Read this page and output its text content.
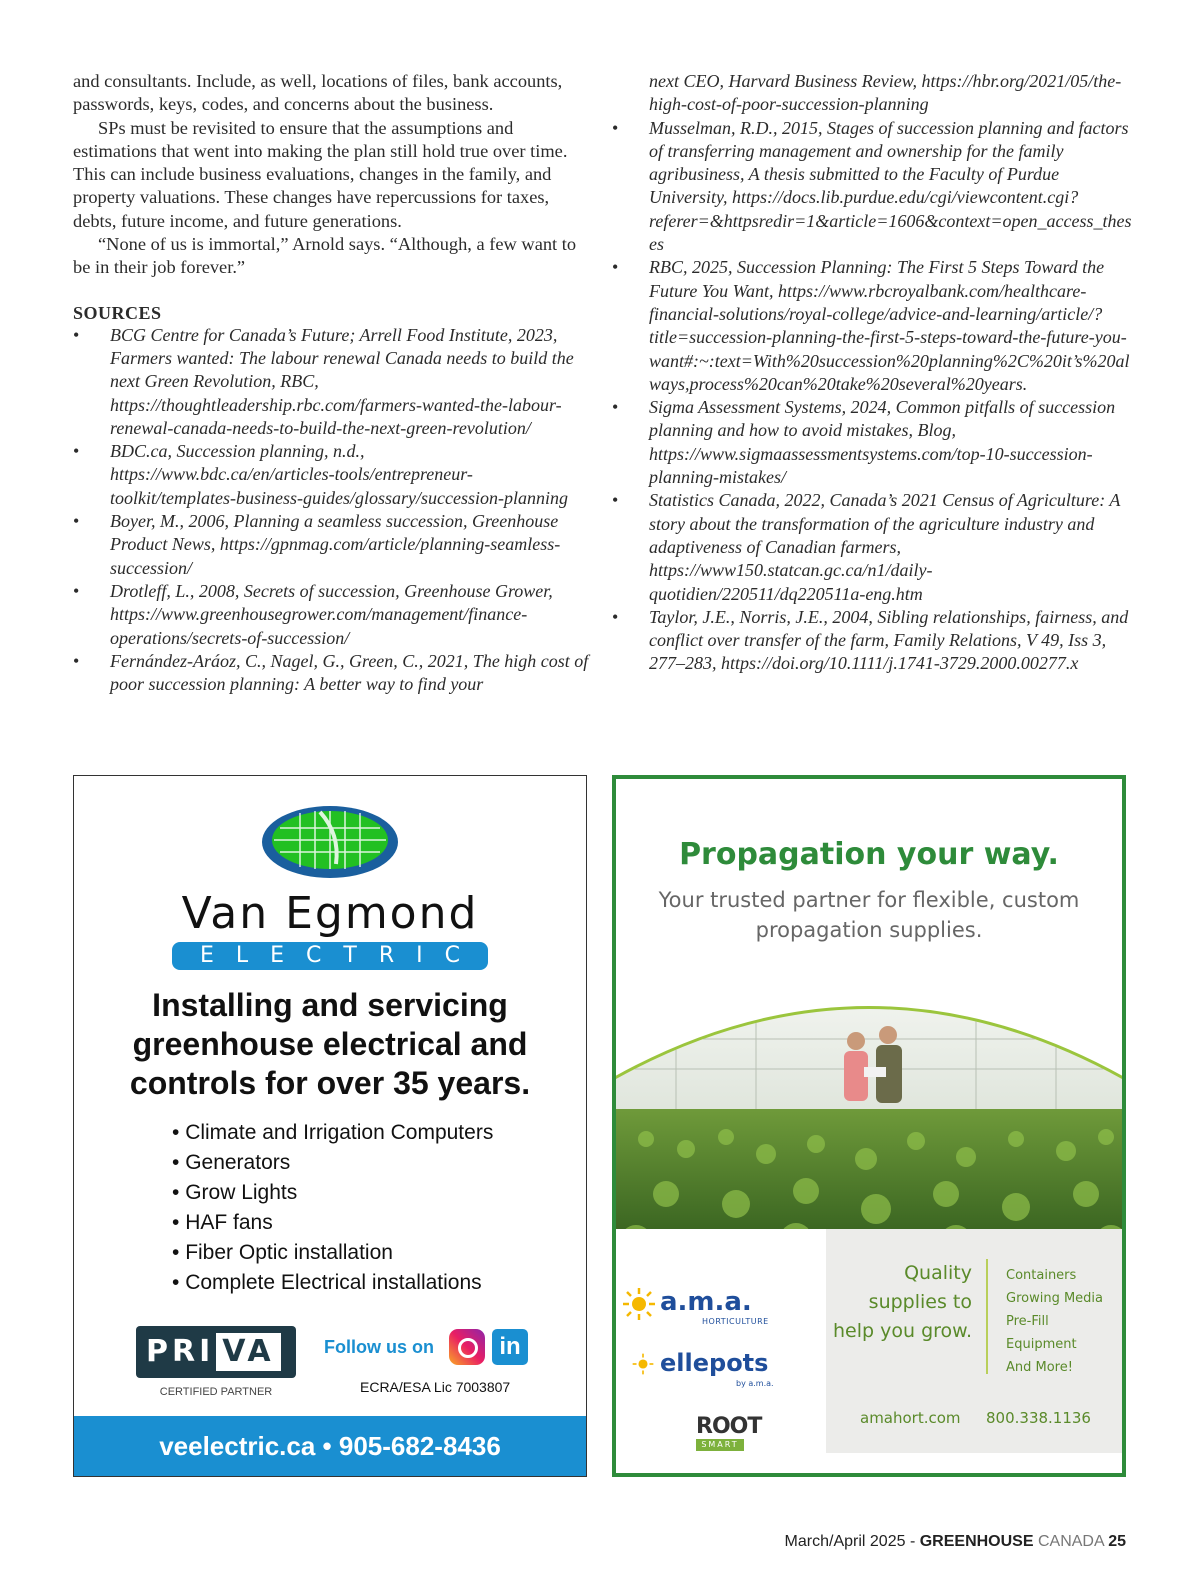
and consultants. Include, as well, locations of files, bank accounts, passwords, keys, codes, and concerns about the business.

SPs must be revisited to ensure that the assumptions and estimations that went into making the plan still hold true over time. This can include business evaluations, changes in the family, and property valuations. These changes have repercussions for taxes, debts, future income, and future generations.

“None of us is immortal,” Arnold says. “Although, a few want to be in their job forever.”

SOURCES
• BCG Centre for Canada’s Future; Arrell Food Institute, 2023, Farmers wanted: The labour renewal Canada needs to build the next Green Revolution, RBC, https://thoughtleadership.rbc.com/farmers-wanted-the-labour-renewal-canada-needs-to-build-the-next-green-revolution/
• BDC.ca, Succession planning, n.d., https://www.bdc.ca/en/articles-tools/entrepreneur-toolkit/templates-business-guides/glossary/succession-planning
• Boyer, M., 2006, Planning a seamless succession, Greenhouse Product News, https://gpnmag.com/article/planning-seamless-succession/
• Drotleff, L., 2008, Secrets of succession, Greenhouse Grower, https://www.greenhousegrower.com/management/finance-operations/secrets-of-succession/
• Fernández-Aráoz, C., Nagel, G., Green, C., 2021, The high cost of poor succession planning: A better way to find your
next CEO, Harvard Business Review, https://hbr.org/2021/05/the-high-cost-of-poor-succession-planning
• Musselman, R.D., 2015, Stages of succession planning and factors of transferring management and ownership for the family agribusiness, A thesis submitted to the Faculty of Purdue University, https://docs.lib.purdue.edu/cgi/viewcontent.cgi?referer=&httpsredir=1&article=1606&context=open_access_theses
• RBC, 2025, Succession Planning: The First 5 Steps Toward the Future You Want, https://www.rbcroyalbank.com/healthcare-financial-solutions/royal-college/advice-and-learning/article/?title=succession-planning-the-first-5-steps-toward-the-future-you-want#:~:text=With%20succession%20planning%2C%20it’s%20always,process%20can%20take%20several%20years.
• Sigma Assessment Systems, 2024, Common pitfalls of succession planning and how to avoid mistakes, Blog, https://www.sigmaassessmentsystems.com/top-10-succession-planning-mistakes/
• Statistics Canada, 2022, Canada’s 2021 Census of Agriculture: A story about the transformation of the agriculture industry and adaptiveness of Canadian farmers, https://www150.statcan.gc.ca/n1/daily-quotidien/220511/dq220511a-eng.htm
• Taylor, J.E., Norris, J.E., 2004, Sibling relationships, fairness, and conflict over transfer of the farm, Family Relations, V 49, Iss 3, 277–283, https://doi.org/10.1111/j.1741-3729.2000.00277.x
Van Egmond
ELECTRIC
Installing and servicing greenhouse electrical and controls for over 35 years.
• Climate and Irrigation Computers
• Generators
• Grow Lights
• HAF fans
• Fiber Optic installation
• Complete Electrical installations
PRI VA
CERTIFIED PARTNER
Follow us on	in
ECRA/ESA Lic 7003807
veelectric.ca • 905-682-8436
Propagation your way.
Your trusted partner for flexible, custom propagation supplies.
a.m.a.
HORTICULTURE
ellepots
by a.m.a.
ROOT
SMART
Quality supplies to help you grow.
Containers
Growing Media
Pre-Fill
Equipment
And More!
amahort.com 800.338.1136
March/April 2025 - GREENHOUSE CANADA 25
